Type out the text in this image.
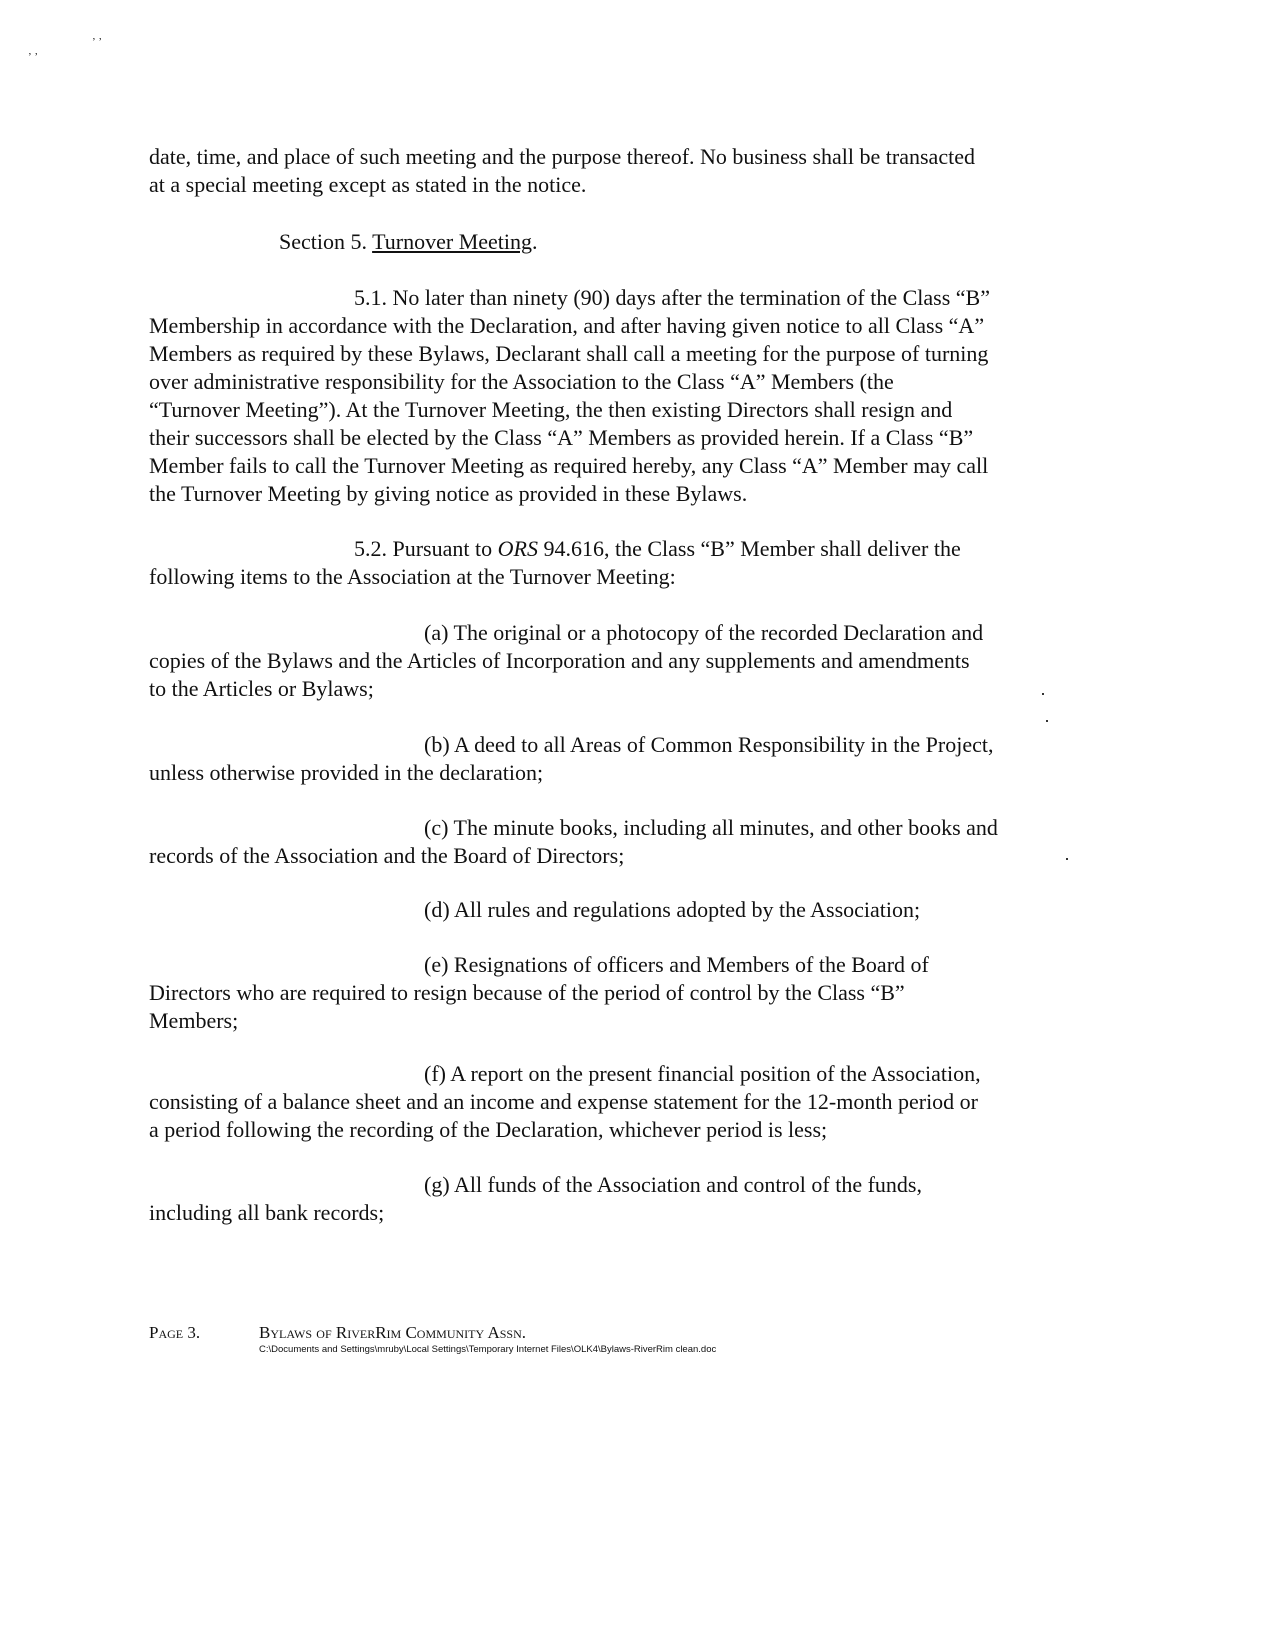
ʼ ʼ
ʼ ʼ
date, time, and place of such meeting and the purpose thereof. No business shall be transacted
at a special meeting except as stated in the notice.
Section 5. Turnover Meeting.
5.1. No later than ninety (90) days after the termination of the Class “B”
Membership in accordance with the Declaration, and after having given notice to all Class “A”
Members as required by these Bylaws, Declarant shall call a meeting for the purpose of turning
over administrative responsibility for the Association to the Class “A” Members (the
“Turnover Meeting”). At the Turnover Meeting, the then existing Directors shall resign and
their successors shall be elected by the Class “A” Members as provided herein. If a Class “B”
Member fails to call the Turnover Meeting as required hereby, any Class “A” Member may call
the Turnover Meeting by giving notice as provided in these Bylaws.
5.2. Pursuant to ORS 94.616, the Class “B” Member shall deliver the
following items to the Association at the Turnover Meeting:
(a) The original or a photocopy of the recorded Declaration and
copies of the Bylaws and the Articles of Incorporation and any supplements and amendments
to the Articles or Bylaws;
(b) A deed to all Areas of Common Responsibility in the Project,
unless otherwise provided in the declaration;
(c) The minute books, including all minutes, and other books and
records of the Association and the Board of Directors;
(d) All rules and regulations adopted by the Association;
(e) Resignations of officers and Members of the Board of
Directors who are required to resign because of the period of control by the Class “B”
Members;
(f) A report on the present financial position of the Association,
consisting of a balance sheet and an income and expense statement for the 12-month period or
a period following the recording of the Declaration, whichever period is less;
(g) All funds of the Association and control of the funds,
including all bank records;
Page 3.	Bylaws of RiverRim Community Assn.
C:\Documents and Settings\mruby\Local Settings\Temporary Internet Files\OLK4\Bylaws-RiverRim clean.doc
